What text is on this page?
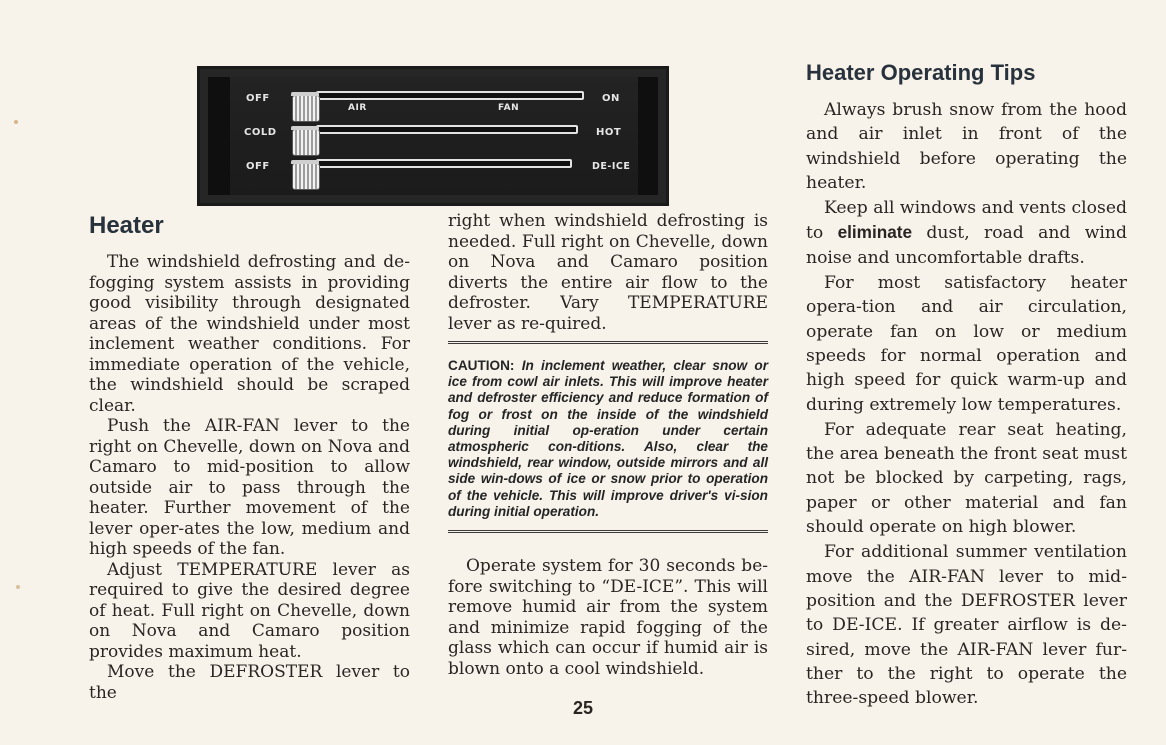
OFF
COLD
OFF
AIR	FAN
ON
HOT
DE-ICE
Heater

The windshield defrosting and de-fogging system assists in providing good visibility through designated areas of the windshield under most inclement weather conditions. For immediate operation of the vehicle, the windshield should be scraped clear.

Push the AIR-FAN lever to the right on Chevelle, down on Nova and Camaro to mid-position to allow outside air to pass through the heater. Further movement of the lever oper-ates the low, medium and high speeds of the fan.

Adjust TEMPERATURE lever as required to give the desired degree of heat. Full right on Chevelle, down on Nova and Camaro position provides maximum heat.

Move the DEFROSTER lever to the

right when windshield defrosting is needed. Full right on Chevelle, down on Nova and Camaro position diverts the entire air flow to the defroster. Vary TEMPERATURE lever as re-quired.

CAUTION: In inclement weather, clear snow or ice from cowl air inlets. This will improve heater and defroster efficiency and reduce formation of fog or frost on the inside of the windshield during initial op-eration under certain atmospheric con-ditions. Also, clear the windshield, rear window, outside mirrors and all side win-dows of ice or snow prior to operation of the vehicle. This will improve driver's vi-sion during initial operation.

Operate system for 30 seconds be-fore switching to “DE-ICE”. This will remove humid air from the system and minimize rapid fogging of the glass which can occur if humid air is blown onto a cool windshield.

Heater Operating Tips

Always brush snow from the hood and air inlet in front of the windshield before operating the heater.

Keep all windows and vents closed to eliminate dust, road and wind noise and uncomfortable drafts.

For most satisfactory heater opera-tion and air circulation, operate fan on low or medium speeds for normal operation and high speed for quick warm-up and during extremely low temperatures.

For adequate rear seat heating, the area beneath the front seat must not be blocked by carpeting, rags, paper or other material and fan should operate on high blower.

For additional summer ventilation move the AIR-FAN lever to mid-position and the DEFROSTER lever to DE-ICE. If greater airflow is de-sired, move the AIR-FAN lever fur-ther to the right to operate the three-speed blower.

25
